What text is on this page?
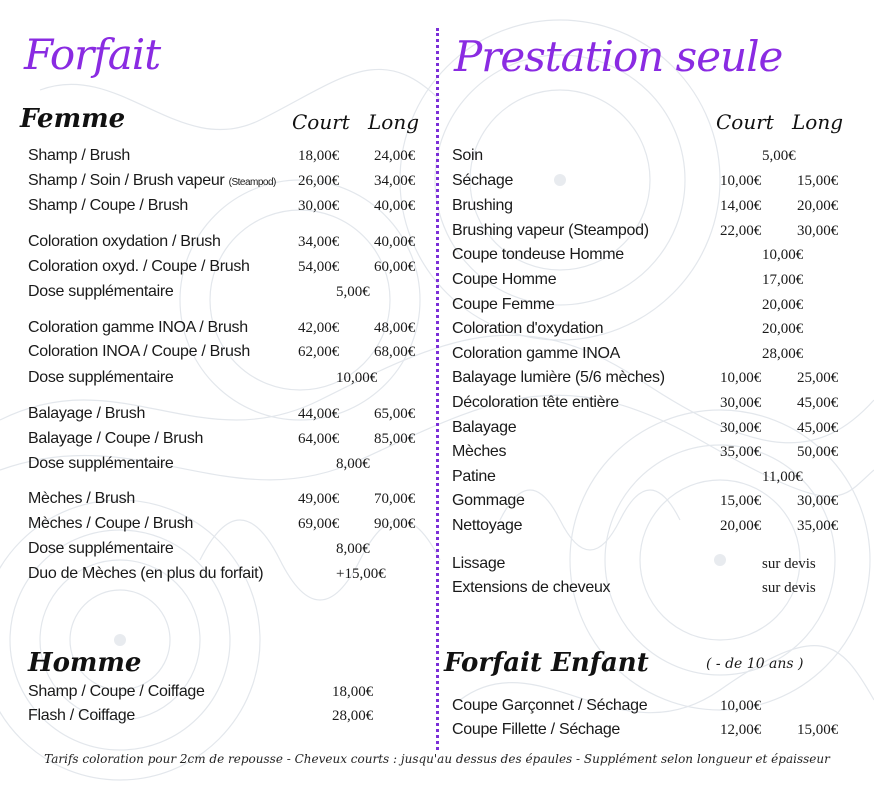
Forfait
Femme	Court Long
Shamp / Brush	18,00€ 24,00€
Shamp / Soin / Brush vapeur (Steampod) 26,00€ 34,00€
Shamp / Coupe / Brush	30,00€ 40,00€
Coloration oxydation / Brush	34,00€ 40,00€
Coloration oxyd. / Coupe / Brush	54,00€ 60,00€
Dose supplémentaire	5,00€
Coloration gamme INOA / Brush	42,00€ 48,00€
Coloration INOA / Coupe / Brush	62,00€ 68,00€
Dose supplémentaire	10,00€
Balayage / Brush	44,00€ 65,00€
Balayage / Coupe / Brush	64,00€ 85,00€
Dose supplémentaire	8,00€
Mèches / Brush	49,00€ 70,00€
Mèches / Coupe / Brush	69,00€ 90,00€
Dose supplémentaire	8,00€
Duo de Mèches (en plus du forfait)	+15,00€
Homme
Shamp / Coupe / Coiffage	18,00€
Flash / Coiffage	28,00€
Prestation seule
Court Long
Soin	5,00€
Séchage	10,00€ 15,00€
Brushing	14,00€ 20,00€
Brushing vapeur (Steampod)	22,00€ 30,00€
Coupe tondeuse Homme	10,00€
Coupe Homme	17,00€
Coupe Femme	20,00€
Coloration d'oxydation	20,00€
Coloration gamme INOA	28,00€
Balayage lumière (5/6 mèches)	10,00€ 25,00€
Décoloration tête entière	30,00€ 45,00€
Balayage	30,00€ 45,00€
Mèches	35,00€ 50,00€
Patine	11,00€
Gommage	15,00€ 30,00€
Nettoyage	20,00€ 35,00€
Lissage	sur devis
Extensions de cheveux	sur devis
Forfait Enfant	( - de 10 ans )
Coupe Garçonnet / Séchage	10,00€
Coupe Fillette / Séchage	12,00€ 15,00€
Tarifs coloration pour 2cm de repousse - Cheveux courts : jusqu'au dessus des épaules - Supplément selon longueur et épaisseur
